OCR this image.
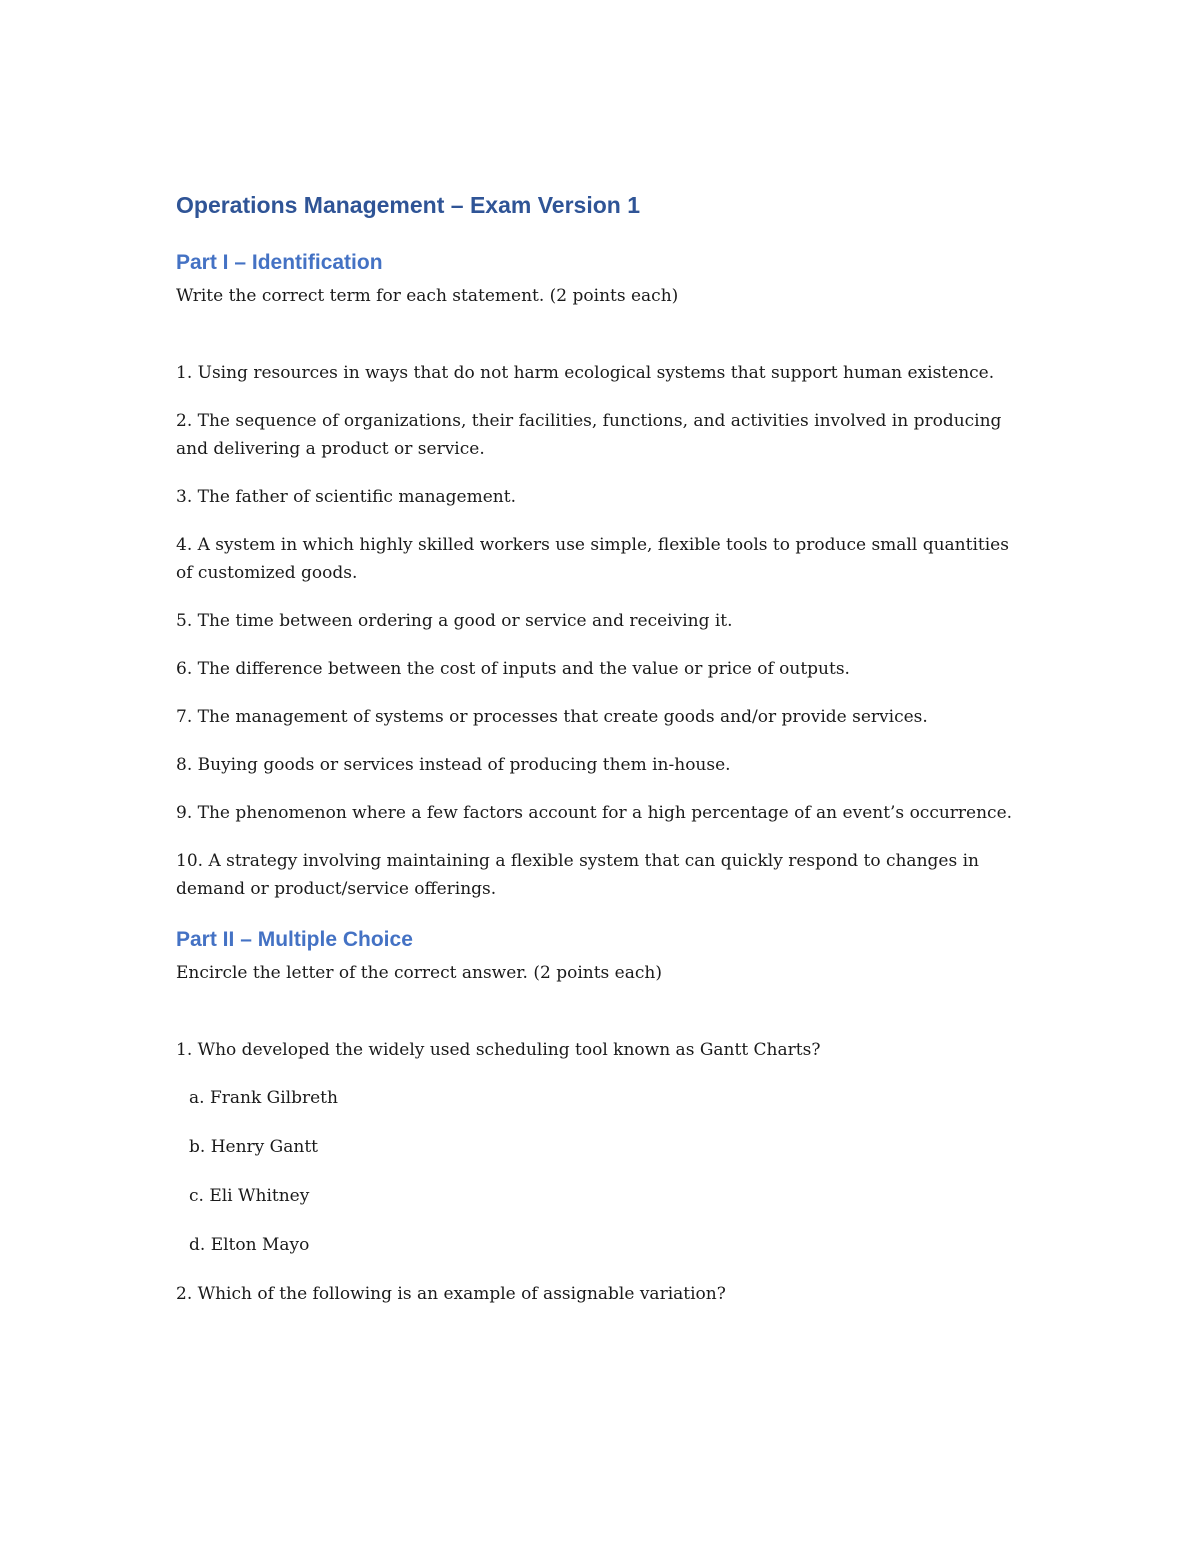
Operations Management – Exam Version 1
Part I – Identification

Write the correct term for each statement. (2 points each)

1. Using resources in ways that do not harm ecological systems that support human existence.
2. The sequence of organizations, their facilities, functions, and activities involved in producing and delivering a product or service.
3. The father of scientific management.
4. A system in which highly skilled workers use simple, flexible tools to produce small quantities of customized goods.
5. The time between ordering a good or service and receiving it.
6. The difference between the cost of inputs and the value or price of outputs.
7. The management of systems or processes that create goods and/or provide services.
8. Buying goods or services instead of producing them in-house.
9. The phenomenon where a few factors account for a high percentage of an event’s occurrence.
10. A strategy involving maintaining a flexible system that can quickly respond to changes in demand or product/service offerings.
Part II – Multiple Choice

Encircle the letter of the correct answer. (2 points each)

1. Who developed the widely used scheduling tool known as Gantt Charts?

a. Frank Gilbreth

b. Henry Gantt

c. Eli Whitney

d. Elton Mayo

2. Which of the following is an example of assignable variation?
